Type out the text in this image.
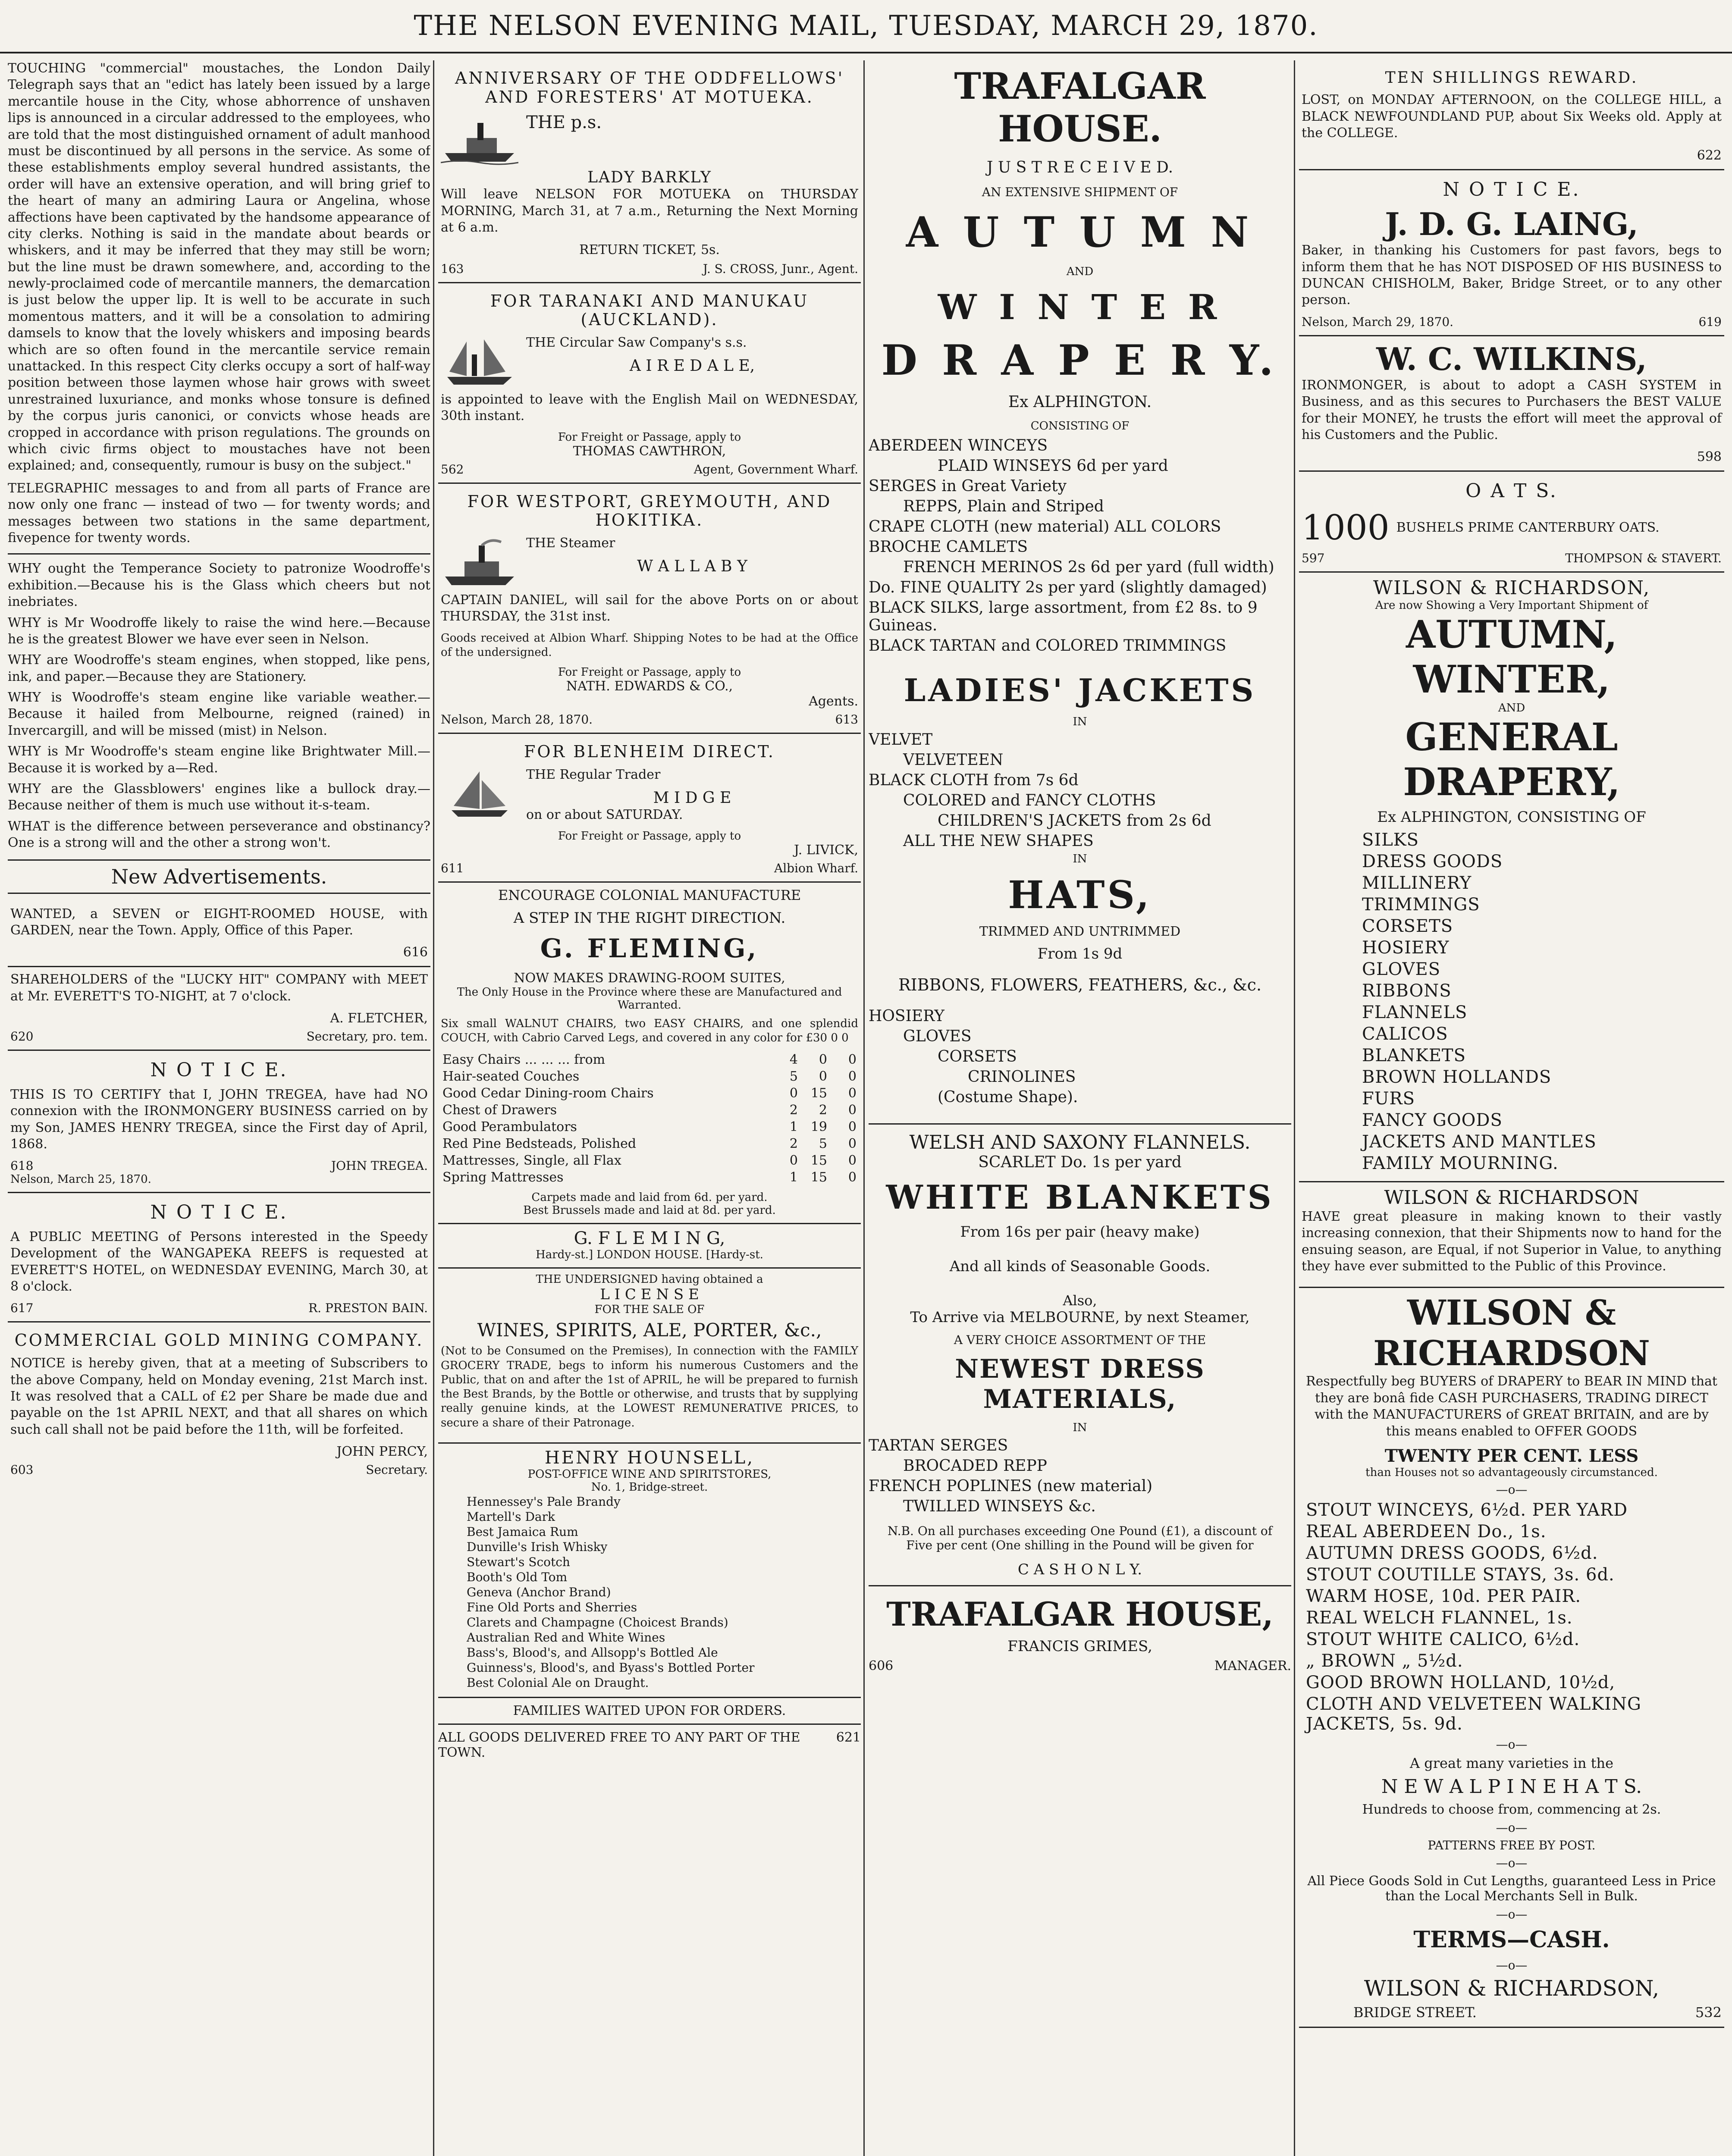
THE NELSON EVENING MAIL, TUESDAY, MARCH 29, 1870.
TOUCHING "commercial" moustaches, the London Daily Telegraph says that an "edict has lately been issued by a large mercantile house in the City, whose abhorrence of unshaven lips is announced in a circular addressed to the employees, who are told that the most distinguished ornament of adult manhood must be discontinued by all persons in the service. As some of these establishments employ several hundred assistants, the order will have an extensive operation, and will bring grief to the heart of many an admiring Laura or Angelina, whose affections have been captivated by the handsome appearance of city clerks. Nothing is said in the mandate about beards or whiskers, and it may be inferred that they may still be worn; but the line must be drawn somewhere, and, according to the newly-proclaimed code of mercantile manners, the demarcation is just below the upper lip. It is well to be accurate in such momentous matters, and it will be a consolation to admiring damsels to know that the lovely whiskers and imposing beards which are so often found in the mercantile service remain unattacked. In this respect City clerks occupy a sort of half-way position between those laymen whose hair grows with sweet unrestrained luxuriance, and monks whose tonsure is defined by the corpus juris canonici, or convicts whose heads are cropped in accordance with prison regulations. The grounds on which civic firms object to moustaches have not been explained; and, consequently, rumour is busy on the subject."
TELEGRAPHIC messages to and from all parts of France are now only one franc — instead of two — for twenty words; and messages between two stations in the same department, fivepence for twenty words.

WHY ought the Temperance Society to patronize Woodroffe's exhibition.—Because his is the Glass which cheers but not inebriates.

WHY is Mr Woodroffe likely to raise the wind here.—Because he is the greatest Blower we have ever seen in Nelson.

WHY are Woodroffe's steam engines, when stopped, like pens, ink, and paper.—Because they are Stationery.

WHY is Woodroffe's steam engine like variable weather.—Because it hailed from Melbourne, reigned (rained) in Invercargill, and will be missed (mist) in Nelson.

WHY is Mr Woodroffe's steam engine like Brightwater Mill.—Because it is worked by a—Red.

WHY are the Glassblowers' engines like a bullock dray.—Because neither of them is much use without it-s-team.

WHAT is the difference between perseverance and obstinancy? One is a strong will and the other a strong won't.

New Advertisements.
WANTED, a SEVEN or EIGHT-ROOMED HOUSE, with GARDEN, near the Town. Apply, Office of this Paper.
616
SHAREHOLDERS of the "LUCKY HIT" COMPANY with MEET at Mr. EVERETT'S TO-NIGHT, at 7 o'clock.
A. FLETCHER,
620	Secretary, pro. tem.
N O T I C E.
THIS IS TO CERTIFY that I, JOHN TREGEA, have had NO connexion with the IRONMONGERY BUSINESS carried on by my Son, JAMES HENRY TREGEA, since the First day of April, 1868.
618	JOHN TREGEA.
Nelson, March 25, 1870.
N O T I C E.
A PUBLIC MEETING of Persons interested in the Speedy Development of the WANGAPEKA REEFS is requested at EVERETT'S HOTEL, on WEDNESDAY EVENING, March 30, at 8 o'clock.
617	R. PRESTON BAIN.
COMMERCIAL GOLD MINING COMPANY.
NOTICE is hereby given, that at a meeting of Subscribers to the above Company, held on Monday evening, 21st March inst. It was resolved that a CALL of £2 per Share be made due and payable on the 1st APRIL NEXT, and that all shares on which such call shall not be paid before the 11th, will be forfeited.
JOHN PERCY,
603	Secretary.
ANNIVERSARY OF THE ODDFELLOWS' AND FORESTERS' AT MOTUEKA.
THE p.s.
LADY BARKLY
Will leave NELSON FOR MOTUEKA on THURSDAY MORNING, March 31, at 7 a.m., Returning the Next Morning at 6 a.m.
RETURN TICKET, 5s.
163	J. S. CROSS, Junr., Agent.
FOR TARANAKI AND MANUKAU (AUCKLAND).
THE Circular Saw Company's s.s.
A I R E D A L E,
is appointed to leave with the English Mail on WEDNESDAY, 30th instant.
For Freight or Passage, apply to
THOMAS CAWTHRON,
562	Agent, Government Wharf.
FOR WESTPORT, GREYMOUTH, AND HOKITIKA.
THE Steamer
W A L L A B Y
CAPTAIN DANIEL, will sail for the above Ports on or about THURSDAY, the 31st inst.
Goods received at Albion Wharf. Shipping Notes to be had at the Office of the undersigned.
For Freight or Passage, apply to
NATH. EDWARDS & CO.,
Agents.
Nelson, March 28, 1870.	613
FOR BLENHEIM DIRECT.
THE Regular Trader
M I D G E
on or about SATURDAY.
For Freight or Passage, apply to
J. LIVICK,
611	Albion Wharf.
ENCOURAGE COLONIAL MANUFACTURE
A STEP IN THE RIGHT DIRECTION.
G. FLEMING,
NOW MAKES DRAWING-ROOM SUITES,
The Only House in the Province where these are Manufactured and Warranted.
Six small WALNUT CHAIRS, two EASY CHAIRS, and one splendid COUCH, with Cabrio Carved Legs, and covered in any color for £30 0 0
Easy Chairs ... ... ... from	4	0	0
Hair-seated Couches	5	0	0
Good Cedar Dining-room Chairs	0	15	0
Chest of Drawers	2	2	0
Good Perambulators	1	19	0
Red Pine Bedsteads, Polished	2	5	0
Mattresses, Single, all Flax	0	15	0
Spring Mattresses	1	15	0
Carpets made and laid from 6d. per yard.
Best Brussels made and laid at 8d. per yard.
G. F L E M I N G,
Hardy-st.] LONDON HOUSE. [Hardy-st.
THE UNDERSIGNED having obtained a
L I C E N S E
FOR THE SALE OF
WINES, SPIRITS, ALE, PORTER, &c.,
(Not to be Consumed on the Premises), In connection with the FAMILY GROCERY TRADE, begs to inform his numerous Customers and the Public, that on and after the 1st of APRIL, he will be prepared to furnish the Best Brands, by the Bottle or otherwise, and trusts that by supplying really genuine kinds, at the LOWEST REMUNERATIVE PRICES, to secure a share of their Patronage.
HENRY HOUNSELL,
POST-OFFICE WINE AND SPIRITSTORES,
No. 1, Bridge-street.
Hennessey's Pale Brandy
Martell's Dark
Best Jamaica Rum
Dunville's Irish Whisky
Stewart's Scotch
Booth's Old Tom
Geneva (Anchor Brand)
Fine Old Ports and Sherries
Clarets and Champagne (Choicest Brands)
Australian Red and White Wines
Bass's, Blood's, and Allsopp's Bottled Ale
Guinness's, Blood's, and Byass's Bottled Porter
Best Colonial Ale on Draught.
FAMILIES WAITED UPON FOR ORDERS.
ALL GOODS DELIVERED FREE TO ANY PART OF THE TOWN.
621
TRAFALGAR HOUSE.
J U S T R E C E I V E D.
AN EXTENSIVE SHIPMENT OF
A U T U M N
AND
W I N T E R
D R A P E R Y.
Ex ALPHINGTON.
CONSISTING OF
ABERDEEN WINCEYS
PLAID WINSEYS 6d per yard
SERGES in Great Variety
REPPS, Plain and Striped
CRAPE CLOTH (new material) ALL COLORS
BROCHE CAMLETS
FRENCH MERINOS 2s 6d per yard (full width)
Do. FINE QUALITY 2s per yard (slightly damaged)
BLACK SILKS, large assortment, from £2 8s. to 9 Guineas.
BLACK TARTAN and COLORED TRIMMINGS
LADIES' JACKETS
IN
VELVET
VELVETEEN
BLACK CLOTH from 7s 6d
COLORED and FANCY CLOTHS
CHILDREN'S JACKETS from 2s 6d
ALL THE NEW SHAPES
IN
HATS,
TRIMMED AND UNTRIMMED
From 1s 9d
RIBBONS, FLOWERS, FEATHERS, &c., &c.
HOSIERY
GLOVES
CORSETS
CRINOLINES
(Costume Shape).
WELSH AND SAXONY FLANNELS.
SCARLET Do. 1s per yard
WHITE BLANKETS
From 16s per pair (heavy make)
And all kinds of Seasonable Goods.
Also,
To Arrive via MELBOURNE, by next Steamer,
A VERY CHOICE ASSORTMENT OF THE
NEWEST DRESS MATERIALS,
IN
TARTAN SERGES
BROCADED REPP
FRENCH POPLINES (new material)
TWILLED WINSEYS &c.
N.B. On all purchases exceeding One Pound (£1), a discount of Five per cent (One shilling in the Pound will be given for
C A S H O N L Y.
TRAFALGAR HOUSE,
FRANCIS GRIMES,
606	MANAGER.
TEN SHILLINGS REWARD.
LOST, on MONDAY AFTERNOON, on the COLLEGE HILL, a BLACK NEWFOUNDLAND PUP, about Six Weeks old. Apply at the COLLEGE.
622
N O T I C E.
J. D. G. LAING,
Baker, in thanking his Customers for past favors, begs to inform them that he has NOT DISPOSED OF HIS BUSINESS to DUNCAN CHISHOLM, Baker, Bridge Street, or to any other person.
Nelson, March 29, 1870.	619
W. C. WILKINS,
IRONMONGER, is about to adopt a CASH SYSTEM in Business, and as this secures to Purchasers the BEST VALUE for their MONEY, he trusts the effort will meet the approval of his Customers and the Public.
598
O A T S.
1000 BUSHELS PRIME CANTERBURY OATS.
597	THOMPSON & STAVERT.
WILSON & RICHARDSON,
Are now Showing a Very Important Shipment of
AUTUMN, WINTER,
AND
GENERAL DRAPERY,
Ex ALPHINGTON, CONSISTING OF
SILKS
DRESS GOODS
MILLINERY
TRIMMINGS
CORSETS
HOSIERY
GLOVES
RIBBONS
FLANNELS
CALICOS
BLANKETS
BROWN HOLLANDS
FURS
FANCY GOODS
JACKETS AND MANTLES
FAMILY MOURNING.
WILSON & RICHARDSON
HAVE great pleasure in making known to their vastly increasing connexion, that their Shipments now to hand for the ensuing season, are Equal, if not Superior in Value, to anything they have ever submitted to the Public of this Province.
WILSON & RICHARDSON
Respectfully beg BUYERS of DRAPERY to BEAR IN MIND that they are bonâ fide CASH PURCHASERS, TRADING DIRECT with the MANUFACTURERS of GREAT BRITAIN, and are by this means enabled to OFFER GOODS
TWENTY PER CENT. LESS
than Houses not so advantageously circumstanced.
—o—
STOUT WINCEYS, 6½d. PER YARD
REAL ABERDEEN Do., 1s.
AUTUMN DRESS GOODS, 6½d.
STOUT COUTILLE STAYS, 3s. 6d.
WARM HOSE, 10d. PER PAIR.
REAL WELCH FLANNEL, 1s.
STOUT WHITE CALICO, 6½d.
„ BROWN „ 5½d.
GOOD BROWN HOLLAND, 10½d,
CLOTH AND VELVETEEN WALKING JACKETS, 5s. 9d.
—o—
A great many varieties in the
N E W A L P I N E H A T S.
Hundreds to choose from, commencing at 2s.
—o—
PATTERNS FREE BY POST.
—o—
All Piece Goods Sold in Cut Lengths, guaranteed Less in Price than the Local Merchants Sell in Bulk.
—o—
TERMS—CASH.
—o—
WILSON & RICHARDSON,
BRIDGE STREET.	532
